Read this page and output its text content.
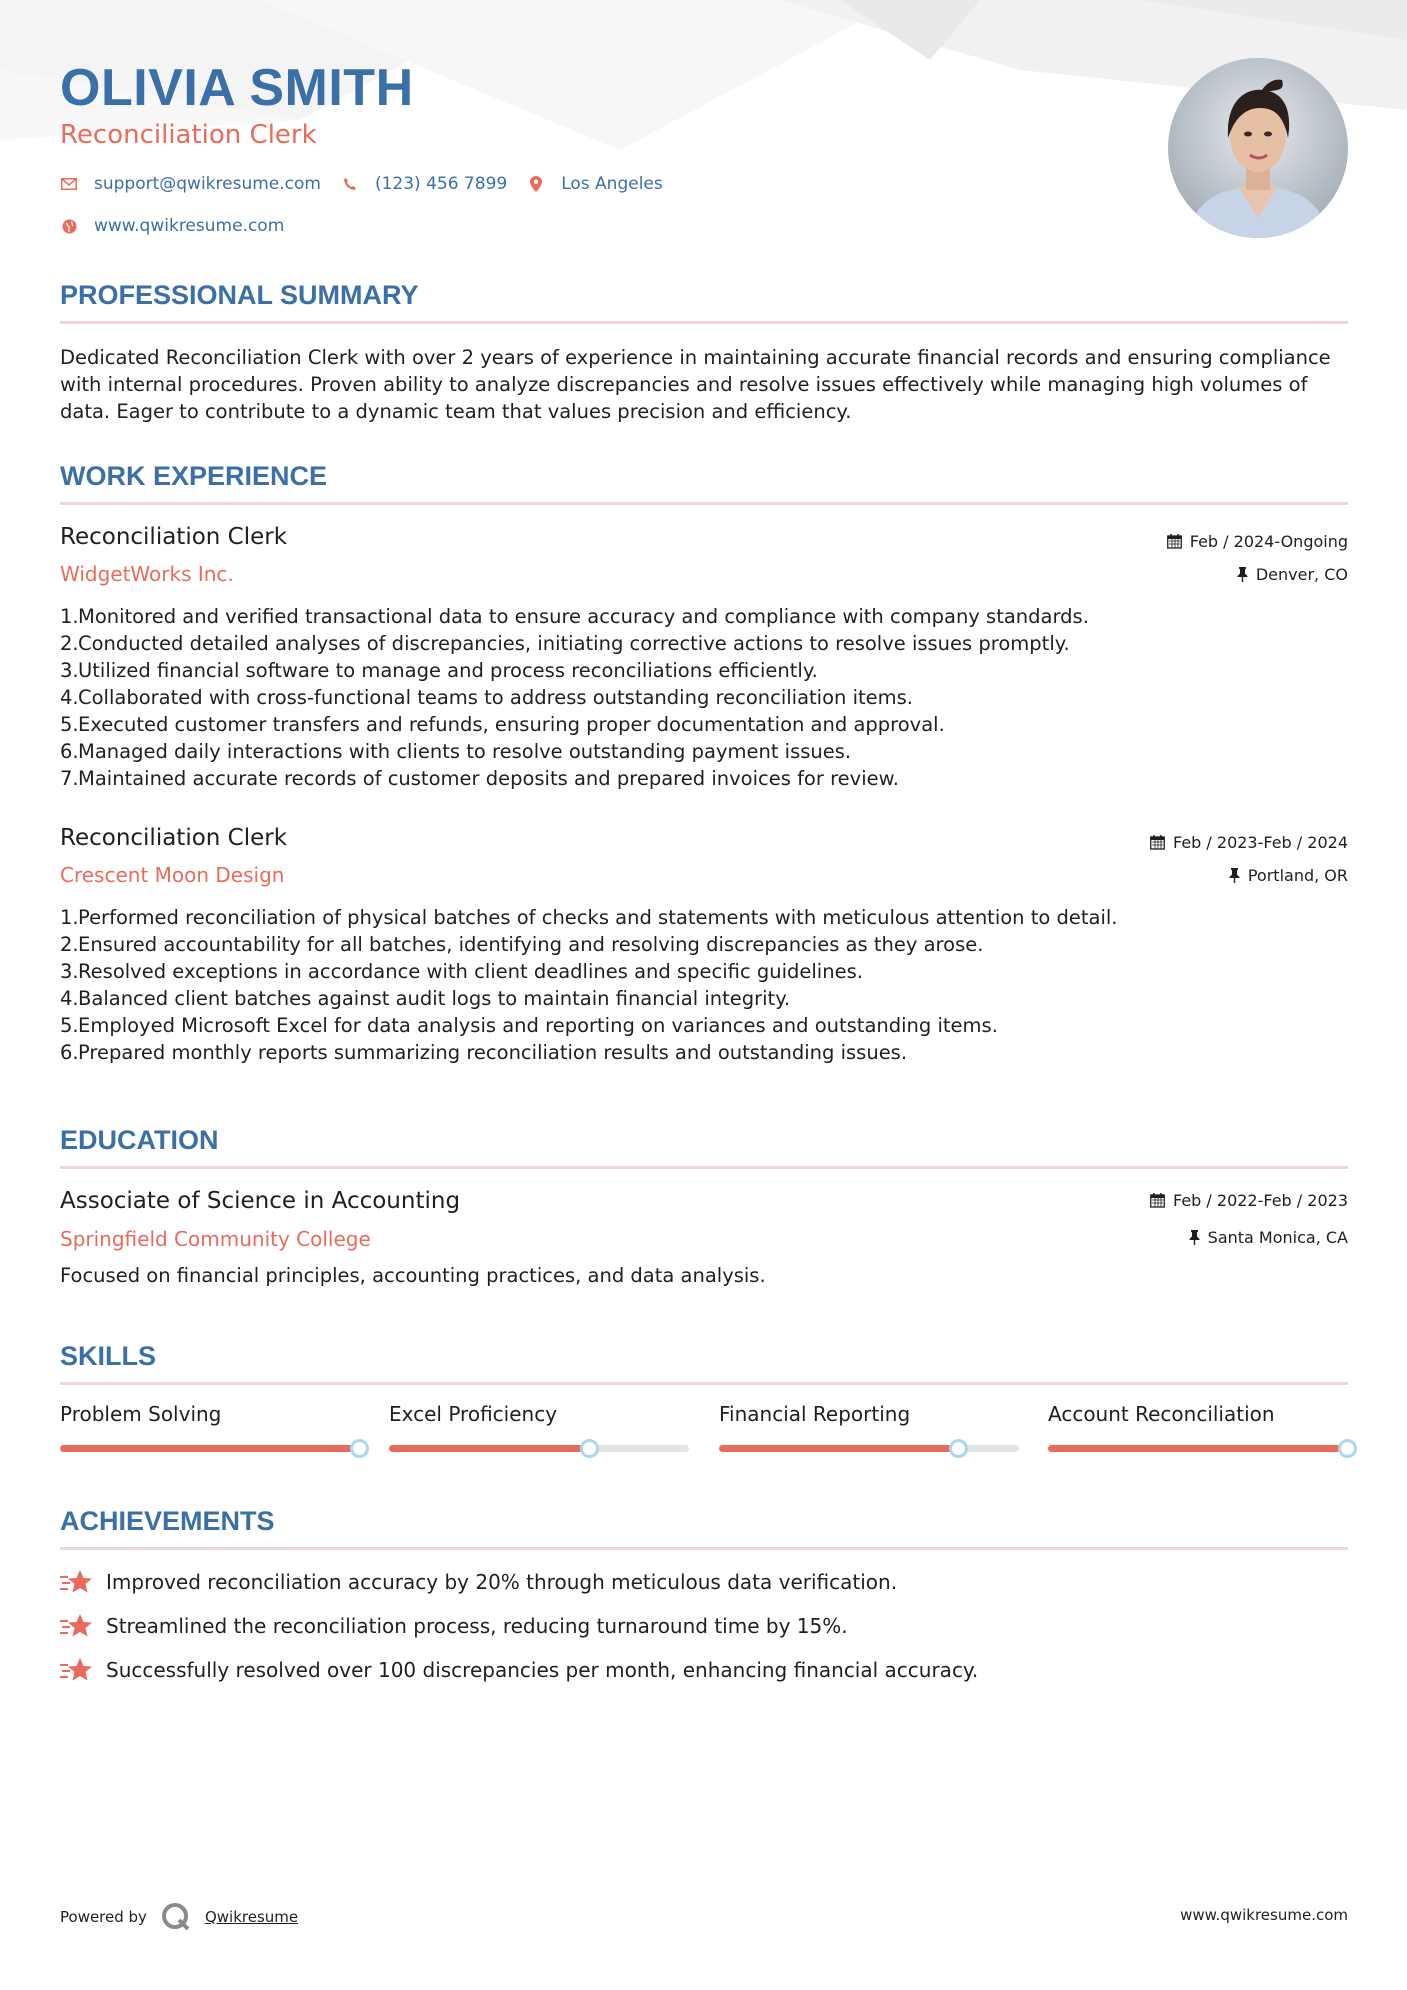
OLIVIA SMITH
Reconciliation Clerk
support@qwikresume.com	(123) 456 7899	Los Angeles
www.qwikresume.com
PROFESSIONAL SUMMARY
Dedicated Reconciliation Clerk with over 2 years of experience in maintaining accurate financial records and ensuring compliance with internal procedures. Proven ability to analyze discrepancies and resolve issues effectively while managing high volumes of data. Eager to contribute to a dynamic team that values precision and efficiency.
WORK EXPERIENCE
Reconciliation Clerk
WidgetWorks Inc.
Feb / 2024-Ongoing
Denver, CO
1. Monitored and verified transactional data to ensure accuracy and compliance with company standards.
2. Conducted detailed analyses of discrepancies, initiating corrective actions to resolve issues promptly.
3. Utilized financial software to manage and process reconciliations efficiently.
4. Collaborated with cross-functional teams to address outstanding reconciliation items.
5. Executed customer transfers and refunds, ensuring proper documentation and approval.
6. Managed daily interactions with clients to resolve outstanding payment issues.
7. Maintained accurate records of customer deposits and prepared invoices for review.
Reconciliation Clerk
Crescent Moon Design
Feb / 2023-Feb / 2024
Portland, OR
1. Performed reconciliation of physical batches of checks and statements with meticulous attention to detail.
2. Ensured accountability for all batches, identifying and resolving discrepancies as they arose.
3. Resolved exceptions in accordance with client deadlines and specific guidelines.
4. Balanced client batches against audit logs to maintain financial integrity.
5. Employed Microsoft Excel for data analysis and reporting on variances and outstanding items.
6. Prepared monthly reports summarizing reconciliation results and outstanding issues.
EDUCATION
Associate of Science in Accounting
Springfield Community College
Feb / 2022-Feb / 2023
Santa Monica, CA
Focused on financial principles, accounting practices, and data analysis.
SKILLS
Problem Solving	Excel Proficiency	Financial Reporting	Account Reconciliation
ACHIEVEMENTS
Improved reconciliation accuracy by 20% through meticulous data verification.
Streamlined the reconciliation process, reducing turnaround time by 15%.
Successfully resolved over 100 discrepancies per month, enhancing financial accuracy.
Powered by	Qwikresume	www.qwikresume.com
